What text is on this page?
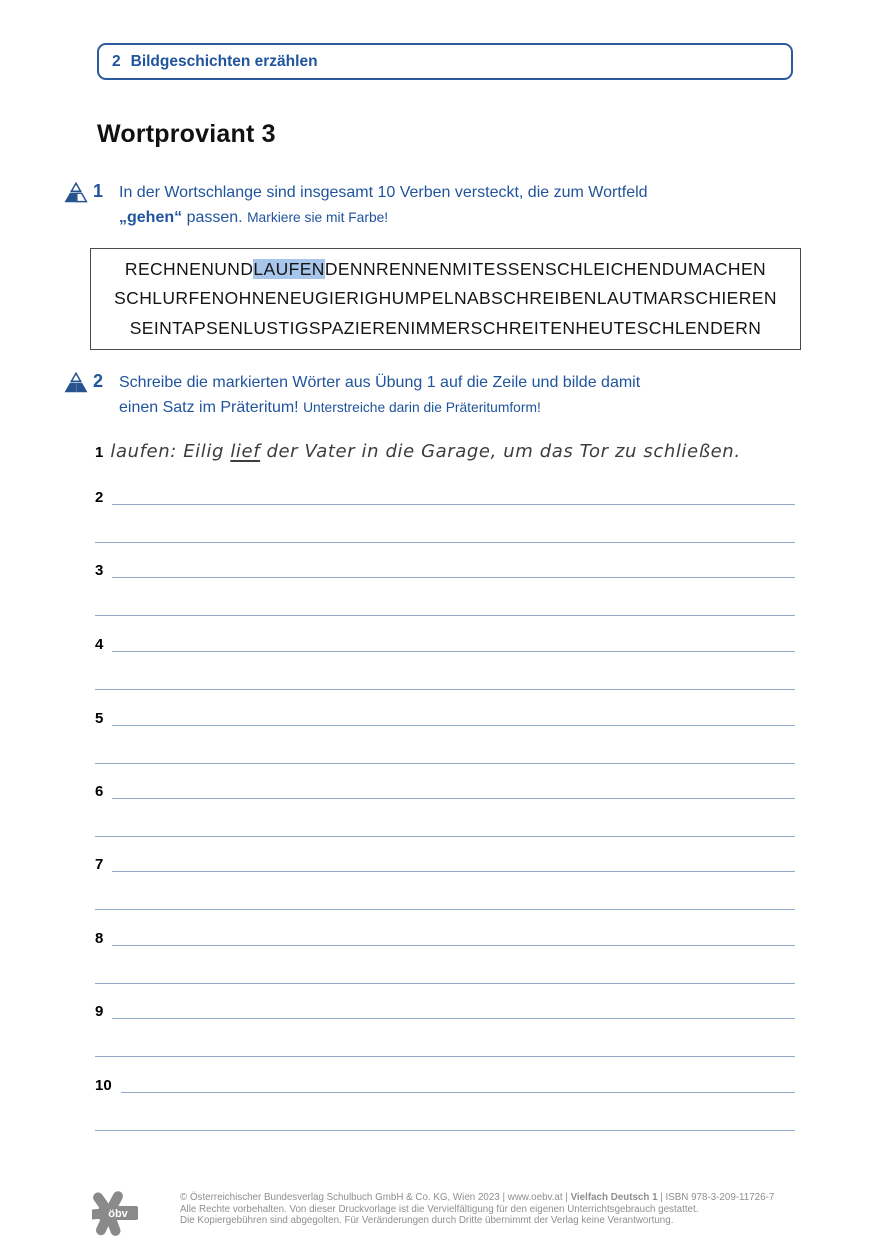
2 Bildgeschichten erzählen
Wortproviant 3
1 In der Wortschlange sind insgesamt 10 Verben versteckt, die zum Wortfeld
„gehen“ passen. Markiere sie mit Farbe!
RECHNENUNDLAUFENDENNRENNENMITESSENSCHLEICHENDUMACHEN
SCHLURFENOHNENEUGIERIGHUMPELNABSCHREIBENLAUTMARSCHIEREN
SEINTAPSENLUSTIGSPAZIERENIMMERSCHREITENHEUTESCHLENDERN
2 Schreibe die markierten Wörter aus Übung 1 auf die Zeile und bilde damit
einen Satz im Präteritum! Unterstreiche darin die Präteritumform!
1 laufen: Eilig lief der Vater in die Garage, um das Tor zu schließen.
2
3
4
5
6
7
8
9
10
öbv
© Österreichischer Bundesverlag Schulbuch GmbH & Co. KG, Wien 2023 | www.oebv.at | Vielfach Deutsch 1 | ISBN 978-3-209-11726-7
Alle Rechte vorbehalten. Von dieser Druckvorlage ist die Vervielfältigung für den eigenen Unterrichtsgebrauch gestattet.
Die Kopiergebühren sind abgegolten. Für Veränderungen durch Dritte übernimmt der Verlag keine Verantwortung.
